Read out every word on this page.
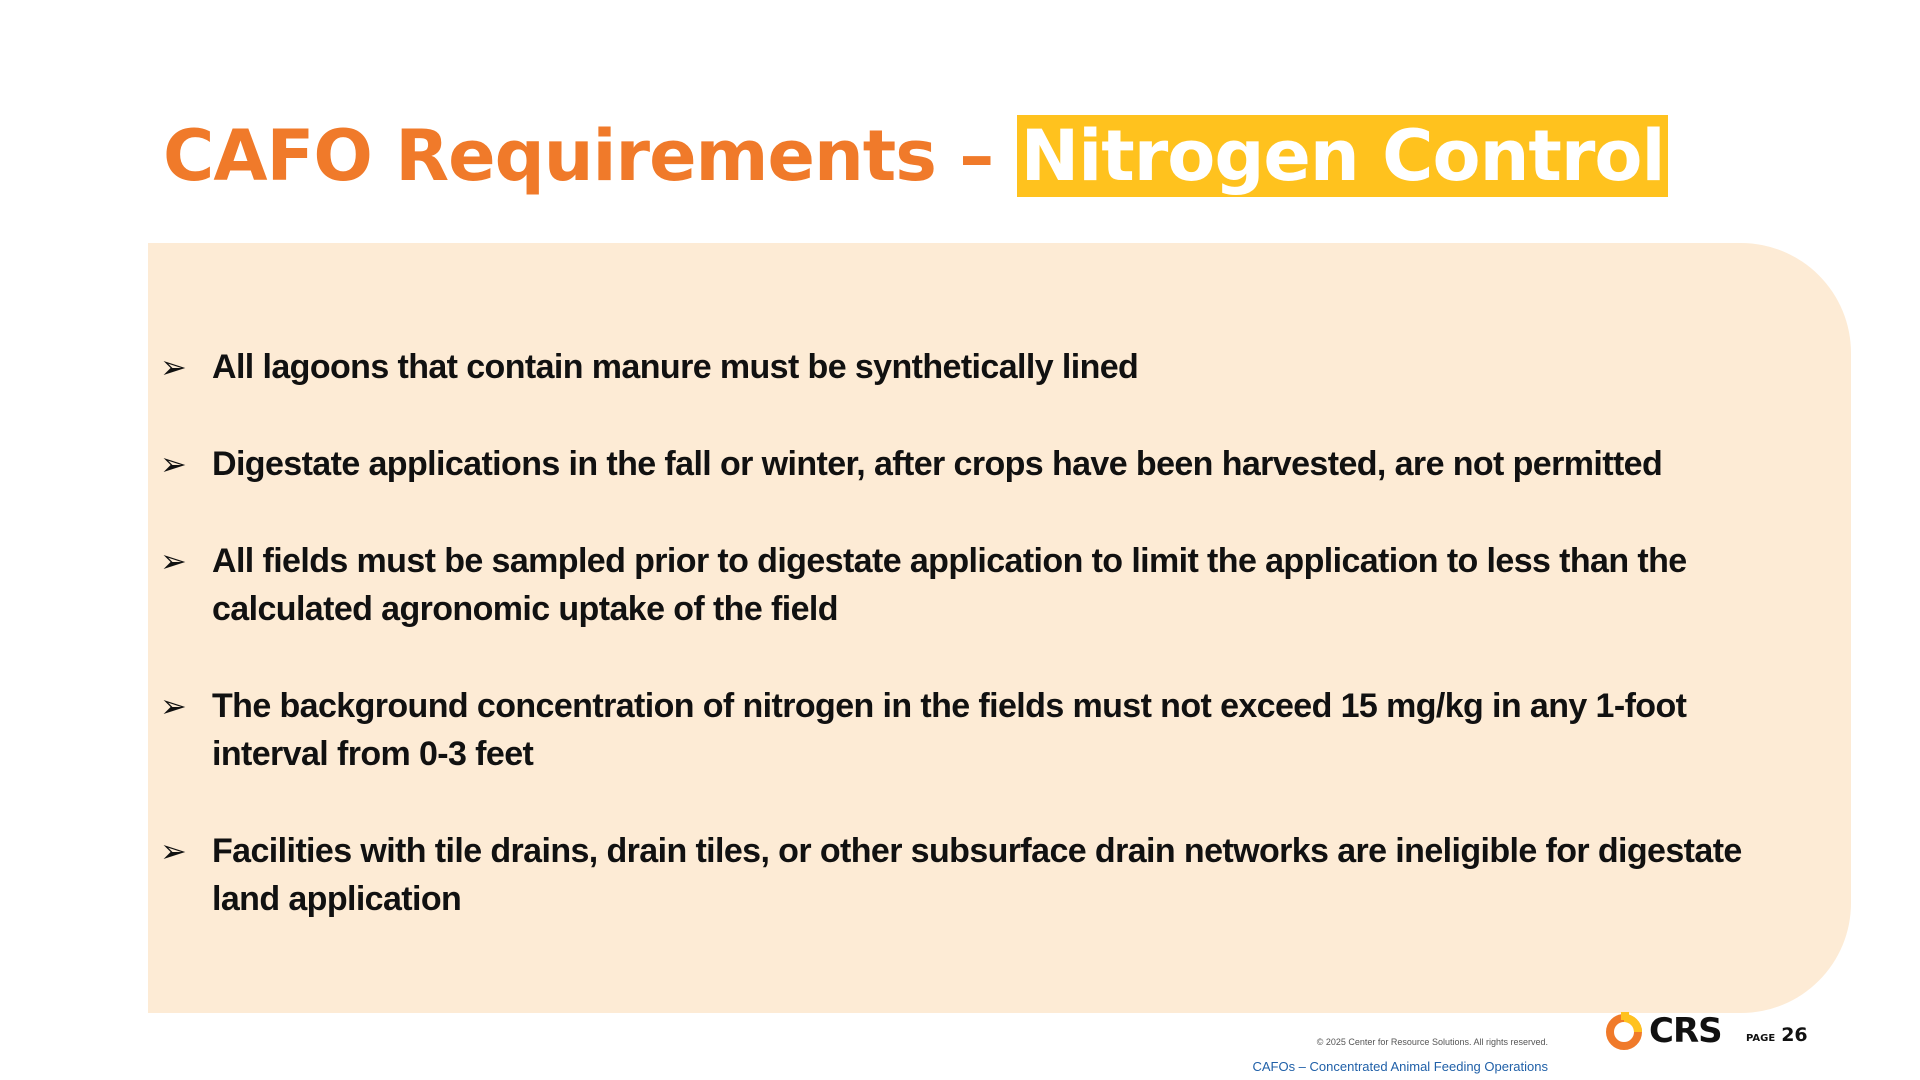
CAFO Requirements – Nitrogen Control
➢ All lagoons that contain manure must be synthetically lined
➢ Digestate applications in the fall or winter, after crops have been harvested, are not permitted
➢ All fields must be sampled prior to digestate application to limit the application to less than the calculated agronomic uptake of the field
➢ The background concentration of nitrogen in the fields must not exceed 15 mg/kg in any 1-foot interval from 0-3 feet
➢ Facilities with tile drains, drain tiles, or other subsurface drain networks are ineligible for digestate land application
© 2025 Center for Resource Solutions. All rights reserved.
CAFOs – Concentrated Animal Feeding Operations
CRS PAGE 26
